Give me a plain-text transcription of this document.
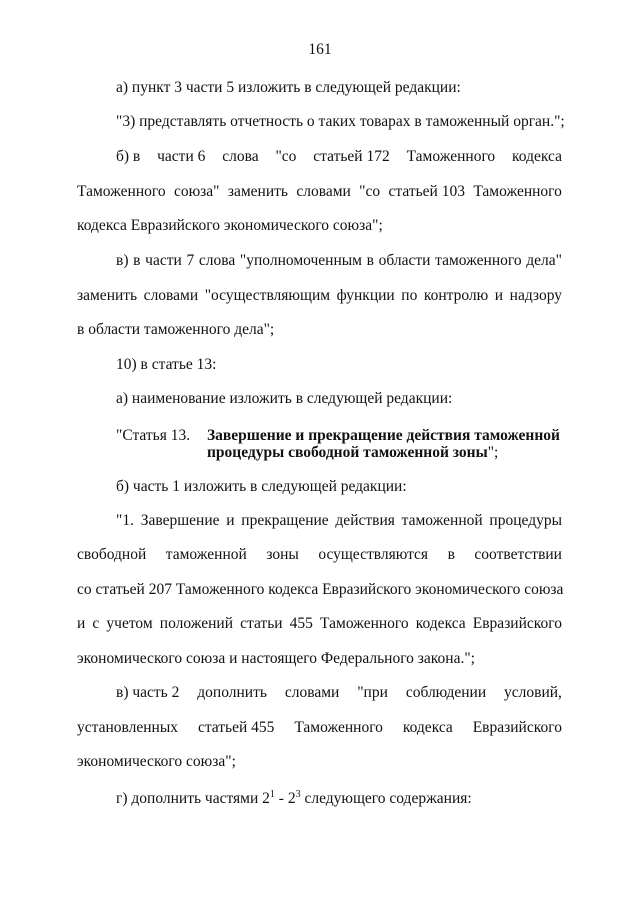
161
а) пункт 3 части 5 изложить в следующей редакции:
"3) представлять отчетность о таких товарах в таможенный орган.";
б) в части 6 слова "со статьей 172 Таможенного кодекса
Таможенного союза" заменить словами "со статьей 103 Таможенного
кодекса Евразийского экономического союза";
в) в части 7 слова "уполномоченным в области таможенного дела"
заменить словами "осуществляющим функции по контролю и надзору
в области таможенного дела";
10) в статье 13:
а) наименование изложить в следующей редакции:
"Статья 13. Завершение и прекращение действия таможенной
процедуры свободной таможенной зоны";
б) часть 1 изложить в следующей редакции:
"1. Завершение и прекращение действия таможенной процедуры
свободной таможенной зоны осуществляются в соответствии
со статьей 207 Таможенного кодекса Евразийского экономического союза
и с учетом положений статьи 455 Таможенного кодекса Евразийского
экономического союза и настоящего Федерального закона.";
в) часть 2 дополнить словами "при соблюдении условий,
установленных статьей 455 Таможенного кодекса Евразийского
экономического союза";
г) дополнить частями $2^1 - 2^3$ следующего содержания:
